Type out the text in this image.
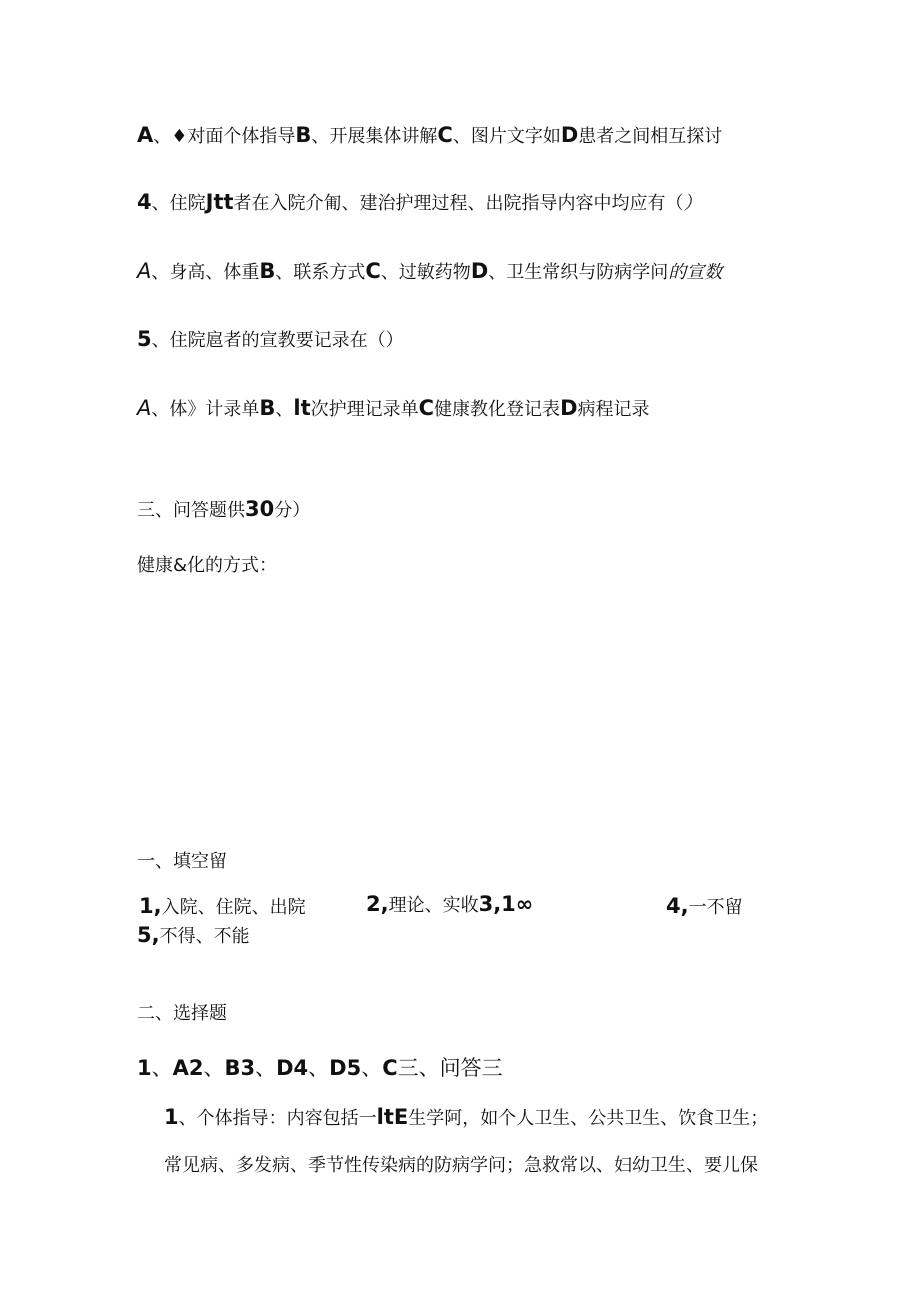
A、♦对面个体指导B、开展集体讲解C、图片文字如D患者之间相互探讨
4、住院Jtt者在入院介匍、建治护理过程、出院指导内容中均应有（）
A、身高、体重B、联系方式C、过敏药物D、卫生常织与防病学问的宣数
5、住院扈者的宣教要记录在（）
A、体》计录单B、lt次护理记录单C健康教化登记表D病程记录
三、问答题供30分）
健康&化的方式：
一、填空留
1,入院、住院、出院	2,理论、实收3,1∞	4,一不留
5,不得、不能
二、选择题
1、A2、B3、D4、D5、C三、问答三
1、个体指导：内容包括一ltE生学阿，如个人卫生、公共卫生、饮食卫生；
常见病、多发病、季节性传染病的防病学问；急救常以、妇幼卫生、要儿保
